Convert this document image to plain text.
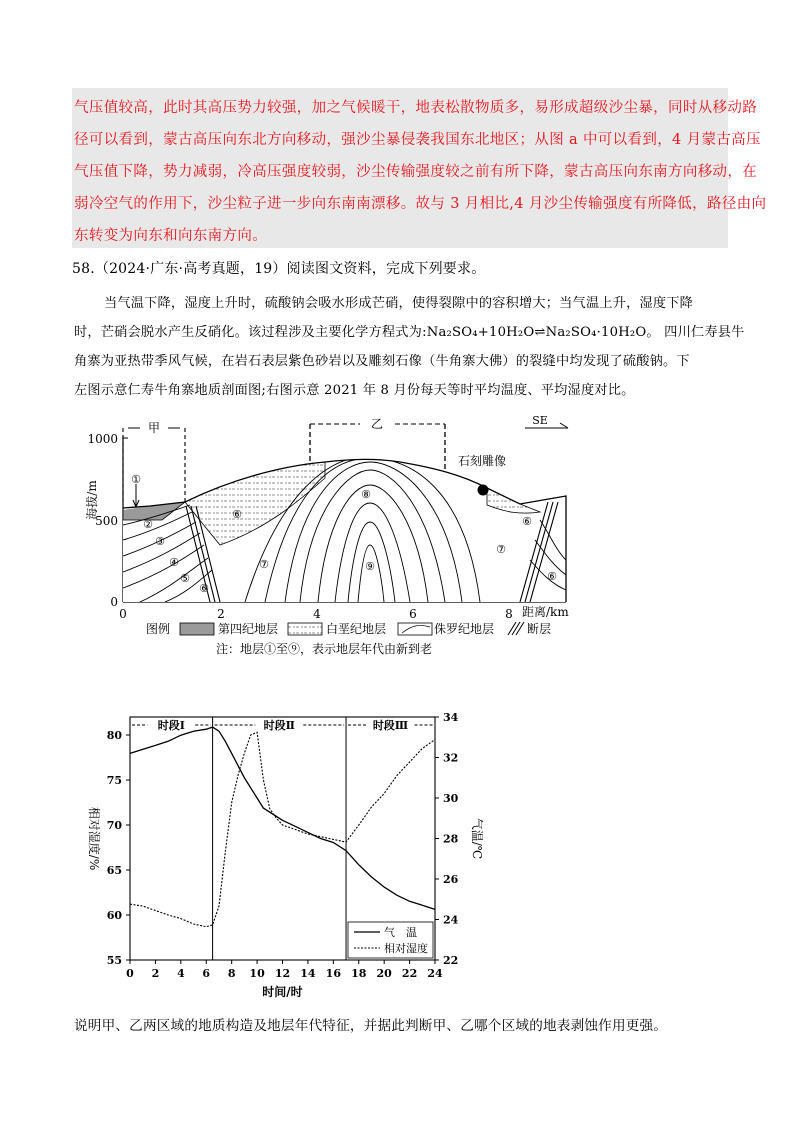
气压值较高，此时其高压势力较强，加之气候暖干，地表松散物质多，易形成超级沙尘暴，同时从移动路
径可以看到，蒙古高压向东北方向移动，强沙尘暴侵袭我国东北地区；从图 a 中可以看到，4 月蒙古高压
气压值下降，势力减弱，冷高压强度较弱，沙尘传输强度较之前有所下降，蒙古高压向东南方向移动，在
弱冷空气的作用下，沙尘粒子进一步向东南南漂移。故与 3 月相比,4 月沙尘传输强度有所降低，路径由向
东转变为向东和向东南方向。
58.（2024·广东·高考真题，19）阅读图文资料，完成下列要求。
当气温下降，湿度上升时，硫酸钠会吸水形成芒硝，使得裂隙中的容积增大；当气温上升，湿度下降
时，芒硝会脱水产生反硝化。该过程涉及主要化学方程式为:Na₂SO₄+10H₂O⇌Na₂SO₄·10H₂O。 四川仁寿县牛
角寨为亚热带季风气候，在岩石表层紫色砂岩以及雕刻石像（牛角寨大佛）的裂缝中均发现了硫酸钠。下
左图示意仁寿牛角寨地质剖面图;右图示意 2021 年 8 月份每天等时平均温度、平均湿度对比。
1000
500
0
0	2	4	6	8 距离/km
海拔/m
甲	乙	SE
石刻雕像
①
②
③
④
⑤
⑥
⑥
⑦
⑧
⑨
⑥
⑦
⑥
图例	第四纪地层	白垩纪地层	侏罗纪地层	断层
注：地层①至⑨，表示地层年代由新到老
0 2 4 6 8 10 12 14 16 18 20 22 24
55
60
65
70
75
80
22
24
26
28
30
32
34
时间/时
相对湿度/%	气温/℃
时段Ⅰ	时段Ⅱ	时段Ⅲ
气　温
相对湿度
说明甲、乙两区域的地质构造及地层年代特征，并据此判断甲、乙哪个区域的地表剥蚀作用更强。
